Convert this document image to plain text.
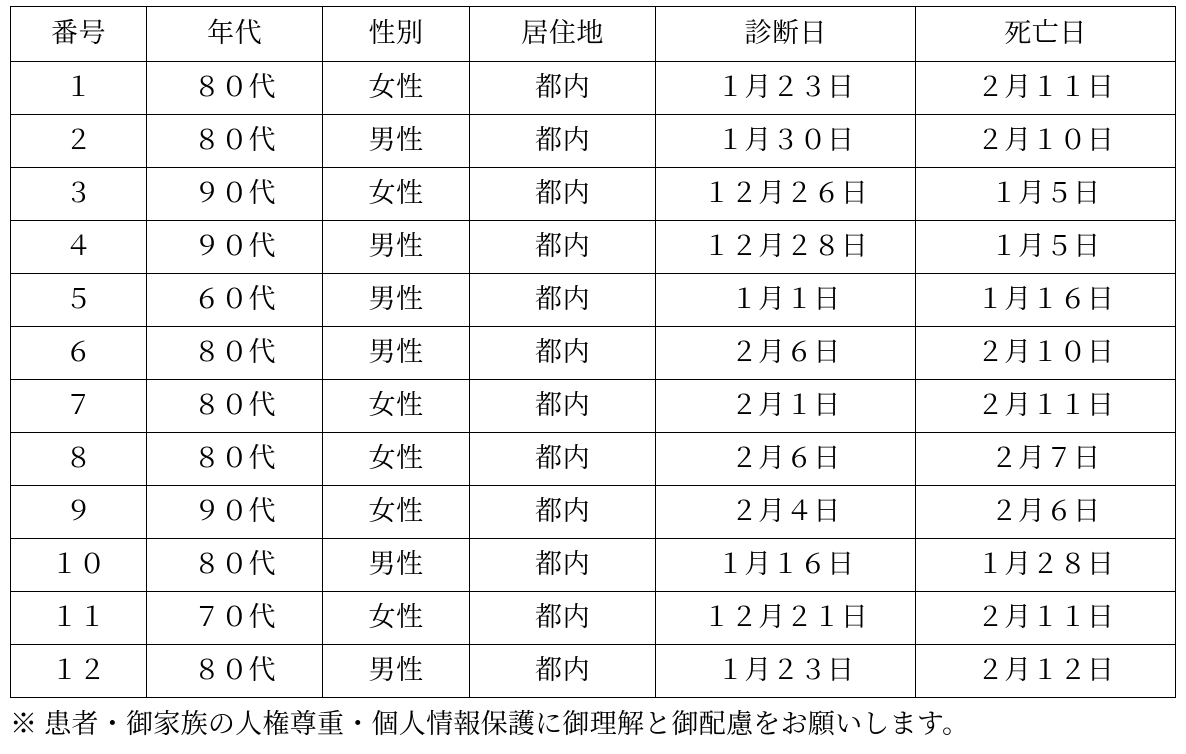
番号	年代	性別	居住地	診断日	死亡日
１	８０代	女性	都内	１月２３日	２月１１日
２	８０代	男性	都内	１月３０日	２月１０日
３	９０代	女性	都内	１２月２６日	１月５日
４	９０代	男性	都内	１２月２８日	１月５日
５	６０代	男性	都内	１月１日	１月１６日
６	８０代	男性	都内	２月６日	２月１０日
７	８０代	女性	都内	２月１日	２月１１日
８	８０代	女性	都内	２月６日	２月７日
９	９０代	女性	都内	２月４日	２月６日
１０	８０代	男性	都内	１月１６日	１月２８日
１１	７０代	女性	都内	１２月２１日	２月１１日
１２	８０代	男性	都内	１月２３日	２月１２日
※ 患者・御家族の人権尊重・個人情報保護に御理解と御配慮をお願いします。
